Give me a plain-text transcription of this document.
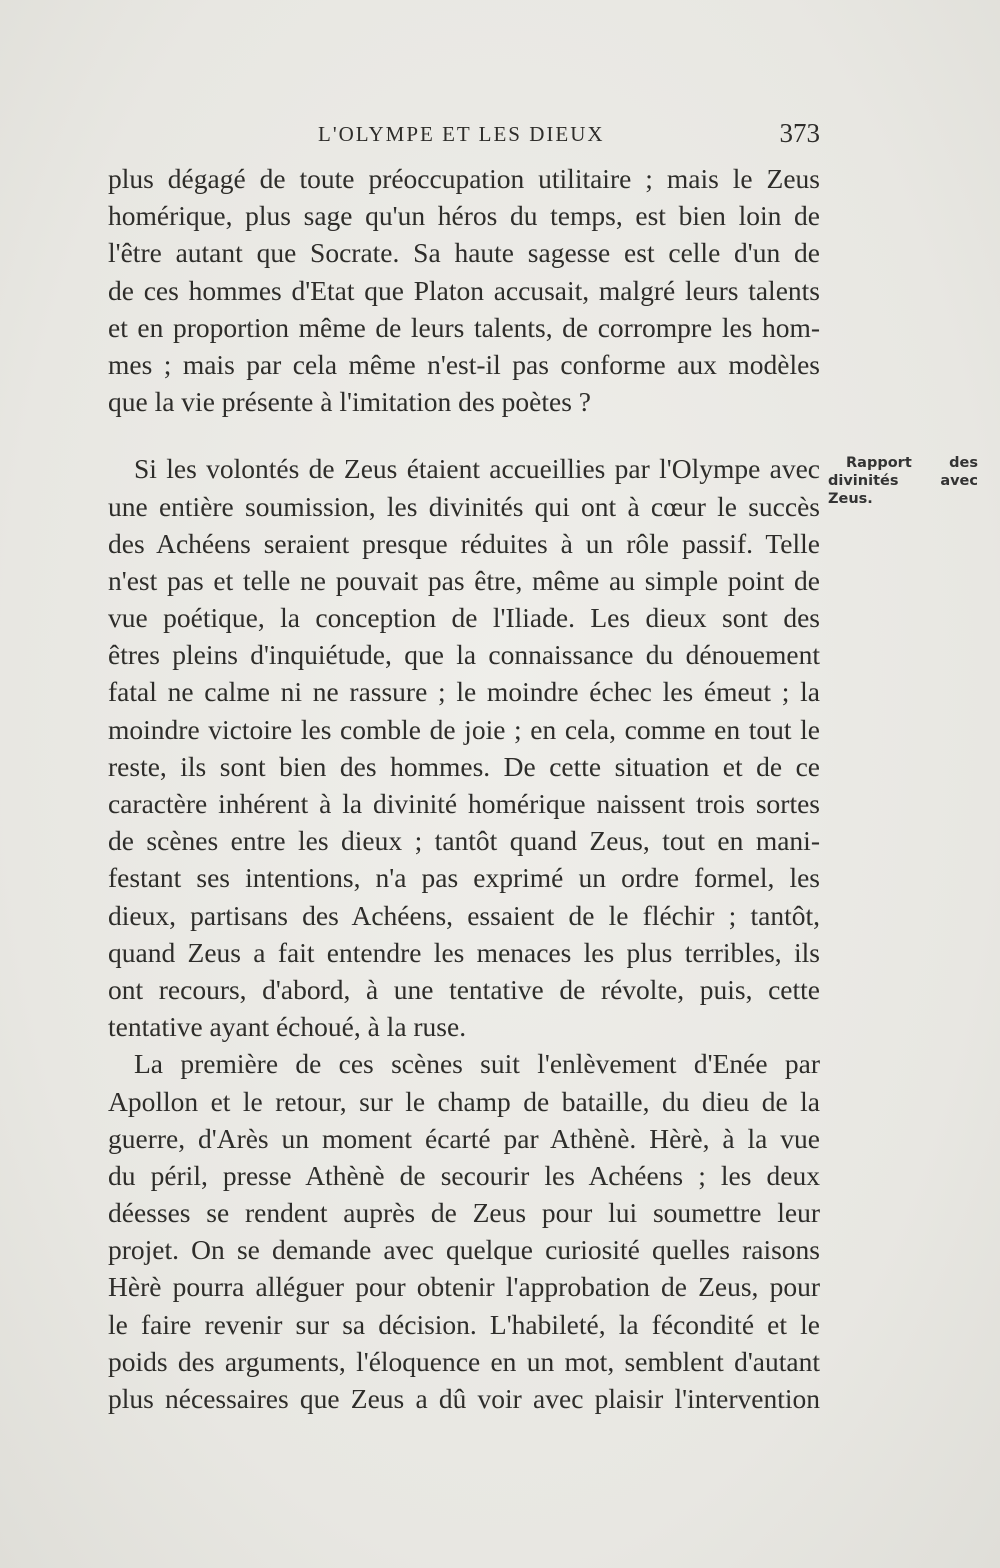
L'OLYMPE ET LES DIEUX	373
plus dégagé de toute préoccupation utilitaire ; mais le Zeus
homérique, plus sage qu'un héros du temps, est bien loin de
l'être autant que Socrate. Sa haute sagesse est celle d'un de
de ces hommes d'Etat que Platon accusait, malgré leurs talents
et en proportion même de leurs talents, de corrompre les hom-
mes ; mais par cela même n'est-il pas conforme aux modèles
que la vie présente à l'imitation des poètes ?
Si les volontés de Zeus étaient accueillies par l'Olympe avec
une entière soumission, les divinités qui ont à cœur le succès
des Achéens seraient presque réduites à un rôle passif. Telle
n'est pas et telle ne pouvait pas être, même au simple point de
vue poétique, la conception de l'Iliade. Les dieux sont des
êtres pleins d'inquiétude, que la connaissance du dénouement
fatal ne calme ni ne rassure ; le moindre échec les émeut ; la
moindre victoire les comble de joie ; en cela, comme en tout le
reste, ils sont bien des hommes. De cette situation et de ce
caractère inhérent à la divinité homérique naissent trois sortes
de scènes entre les dieux ; tantôt quand Zeus, tout en mani-
festant ses intentions, n'a pas exprimé un ordre formel, les
dieux, partisans des Achéens, essaient de le fléchir ; tantôt,
quand Zeus a fait entendre les menaces les plus terribles, ils
ont recours, d'abord, à une tentative de révolte, puis, cette
tentative ayant échoué, à la ruse.
La première de ces scènes suit l'enlèvement d'Enée par
Apollon et le retour, sur le champ de bataille, du dieu de la
guerre, d'Arès un moment écarté par Athènè. Hèrè, à la vue
du péril, presse Athènè de secourir les Achéens ; les deux
déesses se rendent auprès de Zeus pour lui soumettre leur
projet. On se demande avec quelque curiosité quelles raisons
Hèrè pourra alléguer pour obtenir l'approbation de Zeus, pour
le faire revenir sur sa décision. L'habileté, la fécondité et le
poids des arguments, l'éloquence en un mot, semblent d'autant
plus nécessaires que Zeus a dû voir avec plaisir l'intervention
Rapport des
divinités avec
Zeus.
